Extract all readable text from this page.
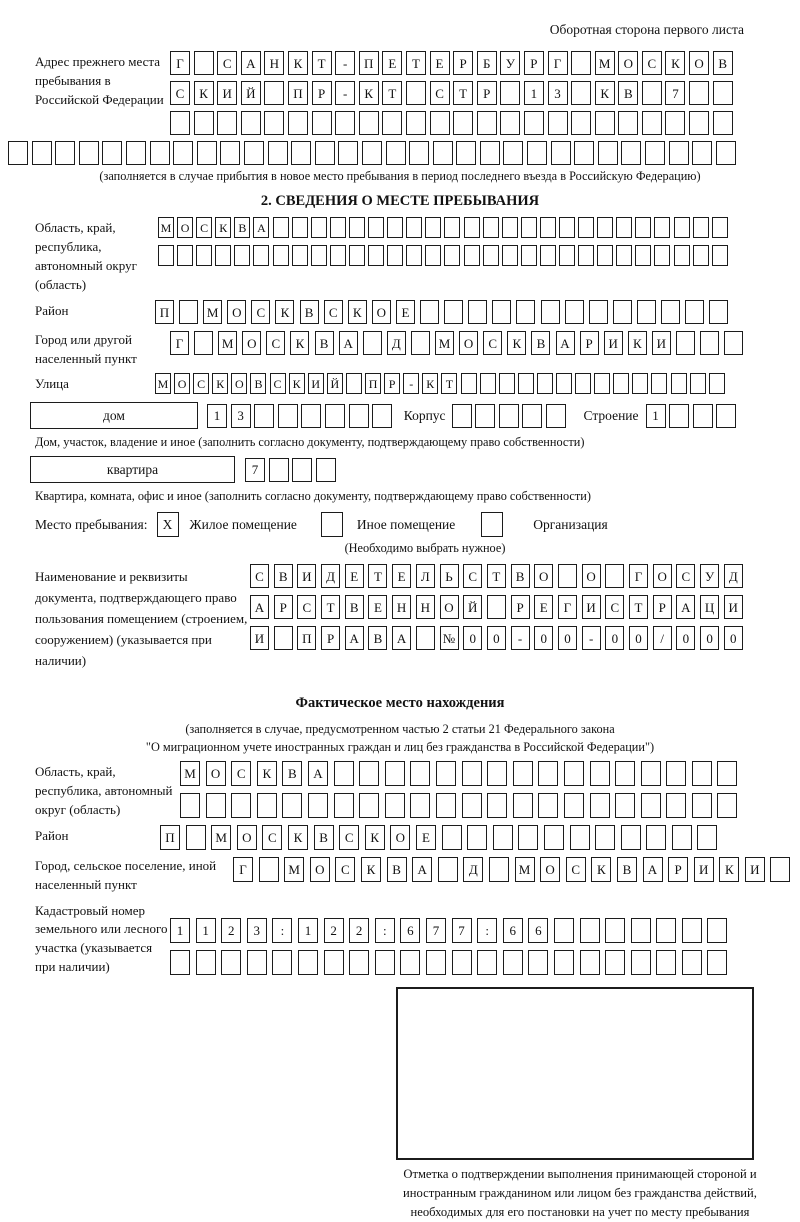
Оборотная сторона первого листа
Адрес прежнего места пребывания в Российской Федерации
Г	С	А	Н	К	Т	-	П	Е	Т	Е	Р	Б	У	Р	Г	М	О	С	К	О	В
С	К	И	Й	П	Р	-	К	Т	С	Т	Р	1	3	К	В	7
(заполняется в случае прибытия в новое место пребывания в период последнего въезда в Российскую Федерацию)
2. СВЕДЕНИЯ О МЕСТЕ ПРЕБЫВАНИЯ
Область, край, республика, автономный округ (область)
М О С К В А
Район	П	М	О	С	К	В	С	К	О	Е
Город или другой населенный пункт
Г	М	О	С	К	В	А	Д	М	О	С	К	В	А	Р	И	К	И
Улица	М О С К О В С К И Й	П Р	-	К Т
дом	1	3	Корпус	Строение	1
Дом, участок, владение и иное (заполнить согласно документу, подтверждающему право собственности)
квартира	7
Квартира, комната, офис и иное (заполнить согласно документу, подтверждающему право собственности)
Место пребывания:	X	Жилое помещение	Иное помещение	Организация
(Необходимо выбрать нужное)
Наименование и реквизиты документа, подтверждающего право пользования помещением (строением, сооружением) (указывается при наличии)
С	В	И	Д	Е	Т	Е	Л	Ь	С	Т	В	О	О	Г	О	С	У	Д
А	Р	С	Т	В	Е	Н	Н	О	Й	Р	Е	Г	И	С	Т	Р	А	Ц	И
И	П	Р	А	В	А	№	0	0	-	0	0	-	0	0	/	0	0	0
Фактическое место нахождения
(заполняется в случае, предусмотренном частью 2 статьи 21 Федерального закона
"О миграционном учете иностранных граждан и лиц без гражданства в Российской Федерации")
Область, край, республика, автономный округ (область)
М	О	С	К	В	А
Район	П	М	О	С	К	В	С	К	О	Е
Город, сельское поселение, иной населенный пункт
Г	М	О	С	К	В	А	Д	М	О	С	К	В	А	Р	И	К	И
Кадастровый номер земельного или лесного участка (указывается при наличии)
1	1	2	3	:	1	2	2	:	6	7	7	:	6	6
Отметка о подтверждении выполнения принимающей стороной и иностранным гражданином или лицом без гражданства действий, необходимых для его постановки на учет по месту пребывания
